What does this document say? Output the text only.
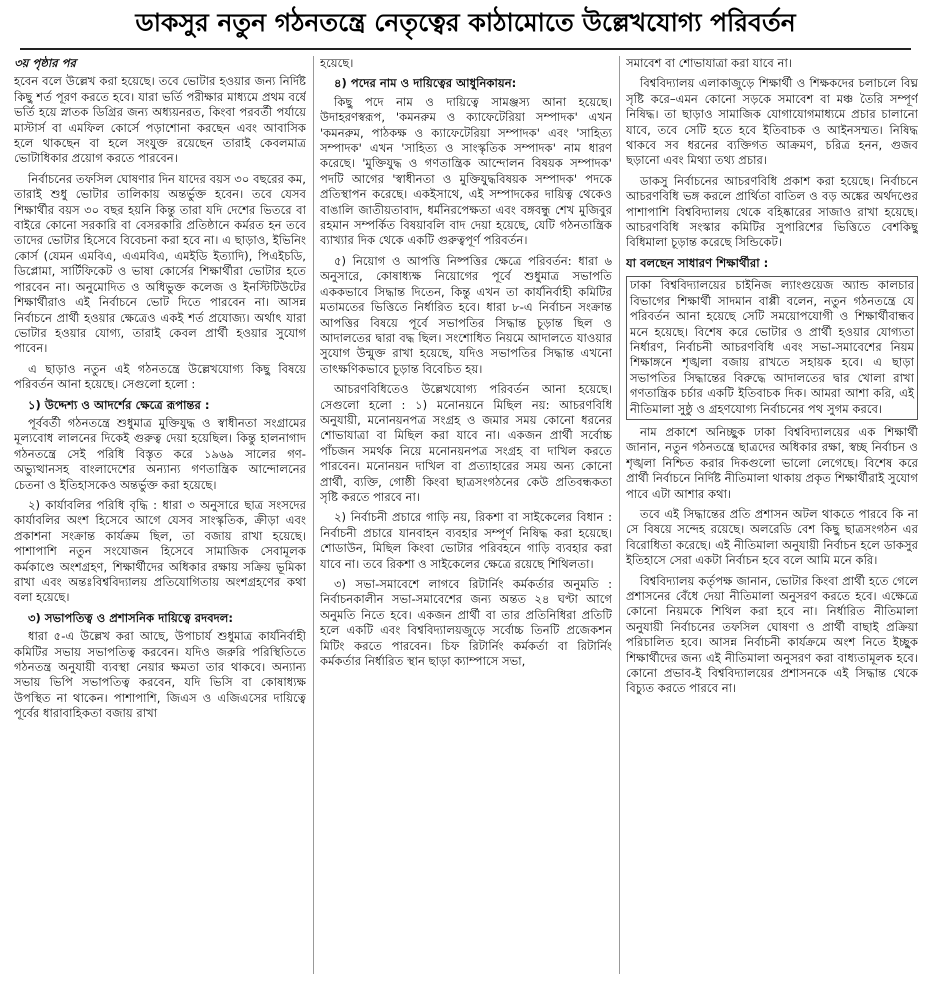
ডাকসুর নতুন গঠনতন্ত্রে নেতৃত্বের কাঠামোতে উল্লেখযোগ্য পরিবর্তন

৩য় পৃষ্ঠার পর

হবেন বলে উল্লেখ করা হয়েছে। তবে ভোটার হওয়ার জন্য নির্দিষ্ট কিছু শর্ত পূরণ করতে হবে। যারা ভর্তি পরীক্ষার মাধ্যমে প্রথম বর্ষে ভর্তি হয়ে স্নাতক ডিগ্রির জন্য অধ্যয়নরত, কিংবা পরবর্তী পর্যায়ে মাস্টার্স বা এমফিল কোর্সে পড়াশোনা করছেন এবং আবাসিক হলে থাকছেন বা হলে সংযুক্ত রয়েছেন তারাই কেবলমাত্র ভোটাধিকার প্রয়োগ করতে পারবেন।

নির্বাচনের তফসিল ঘোষণার দিন যাদের বয়স ৩০ বছরের কম, তারাই শুধু ভোটার তালিকায় অন্তর্ভুক্ত হবেন। তবে যেসব শিক্ষার্থীর বয়স ৩০ বছর হয়নি কিন্তু তারা যদি দেশের ভিতরে বা বাইরে কোনো সরকারি বা বেসরকারি প্রতিষ্ঠানে কর্মরত হন তবে তাদের ভোটার হিসেবে বিবেচনা করা হবে না। এ ছাড়াও, ইভিনিং কোর্স (যেমন এমবিএ, এএমবিএ, এমইডি ইত্যাদি), পিএইচডি, ডিপ্লোমা, সার্টিফিকেট ও ভাষা কোর্সের শিক্ষার্থীরা ভোটার হতে পারবেন না। অনুমোদিত ও অধিভুক্ত কলেজ ও ইনস্টিটিউটের শিক্ষার্থীরাও এই নির্বাচনে ভোট দিতে পারবেন না। আসন্ন নির্বাচনে প্রার্থী হওয়ার ক্ষেত্রেও একই শর্ত প্রযোজ্য। অর্থাৎ যারা ভোটার হওয়ার যোগ্য, তারাই কেবল প্রার্থী হওয়ার সুযোগ পাবেন।

এ ছাড়াও নতুন এই গঠনতন্ত্রে উল্লেখযোগ্য কিছু বিষয়ে পরিবর্তন আনা হয়েছে। সেগুলো হলো :

১) উদ্দেশ্য ও আদর্শের ক্ষেত্রে রূপান্তর :

পূর্ববর্তী গঠনতন্ত্রে শুধুমাত্র মুক্তিযুদ্ধ ও স্বাধীনতা সংগ্রামের মূল্যবোধ লালনের দিকেই গুরুত্ব দেয়া হয়েছিল। কিন্তু হালনাগাদ গঠনতন্ত্রে সেই পরিধি বিস্তৃত করে ১৯৬৯ সালের গণ-অভ্যুত্থানসহ বাংলাদেশের অন্যান্য গণতান্ত্রিক আন্দোলনের চেতনা ও ইতিহাসকেও অন্তর্ভুক্ত করা হয়েছে।

২) কার্যাবলির পরিধি বৃদ্ধি : ধারা ৩ অনুসারে ছাত্র সংসদের কার্যাবলির অংশ হিসেবে আগে যেসব সাংস্কৃতিক, ক্রীড়া এবং প্রকাশনা সংক্রান্ত কার্যক্রম ছিল, তা বজায় রাখা হয়েছে। পাশাপাশি নতুন সংযোজন হিসেবে সামাজিক সেবামূলক কর্মকাণ্ডে অংশগ্রহণ, শিক্ষার্থীদের অধিকার রক্ষায় সক্রিয় ভূমিকা রাখা এবং অন্তঃবিশ্ববিদ্যালয় প্রতিযোগিতায় অংশগ্রহণের কথা বলা হয়েছে।

৩) সভাপতিত্ব ও প্রশাসনিক দায়িত্বে রদবদল:

ধারা ৫-এ উল্লেখ করা আছে, উপাচার্য শুধুমাত্র কার্যনির্বাহী কমিটির সভায় সভাপতিত্ব করবেন। যদিও জরুরি পরিস্থিতিতে গঠনতন্ত্র অনুযায়ী ব্যবস্থা নেয়ার ক্ষমতা তার থাকবে। অন্যান্য সভায় ভিপি সভাপতিত্ব করবেন, যদি ভিসি বা কোষাধ্যক্ষ উপস্থিত না থাকেন। পাশাপাশি, জিএস ও এজিএসের দায়িত্বে পূর্বের ধারাবাহিকতা বজায় রাখা

হয়েছে।

৪) পদের নাম ও দায়িত্বের আধুনিকায়ন:

কিছু পদে নাম ও দায়িত্বে সামঞ্জস্য আনা হয়েছে। উদাহরণস্বরূপ, 'কমনরুম ও ক্যাফেটেরিয়া সম্পাদক' এখন 'কমনরুম, পাঠকক্ষ ও ক্যাফেটেরিয়া সম্পাদক' এবং 'সাহিত্য সম্পাদক' এখন 'সাহিত্য ও সাংস্কৃতিক সম্পাদক' নাম ধারণ করেছে। 'মুক্তিযুদ্ধ ও গণতান্ত্রিক আন্দোলন বিষয়ক সম্পাদক' পদটি আগের 'স্বাধীনতা ও মুক্তিযুদ্ধবিষয়ক সম্পাদক' পদকে প্রতিস্থাপন করেছে। একইসাথে, এই সম্পাদকের দায়িত্ব থেকেও বাঙালি জাতীয়তাবাদ, ধর্মনিরপেক্ষতা এবং বঙ্গবন্ধু শেখ মুজিবুর রহমান সম্পর্কিত বিষয়াবলি বাদ দেয়া হয়েছে, যেটি গঠনতান্ত্রিক ব্যাখ্যার দিক থেকে একটি গুরুত্বপূর্ণ পরিবর্তন।

৫) নিয়োগ ও আপত্তি নিষ্পত্তির ক্ষেত্রে পরিবর্তন: ধারা ৬ অনুসারে, কোষাধ্যক্ষ নিয়োগের পূর্বে শুধুমাত্র সভাপতি এককভাবে সিদ্ধান্ত দিতেন, কিন্তু এখন তা কার্যনির্বাহী কমিটির মতামতের ভিত্তিতে নির্ধারিত হবে। ধারা ৮-এ নির্বাচন সংক্রান্ত আপত্তির বিষয়ে পূর্বে সভাপতির সিদ্ধান্ত চূড়ান্ত ছিল ও আদালতের দ্বারা বদ্ধ ছিল। সংশোধিত নিয়মে আদালতে যাওয়ার সুযোগ উন্মুক্ত রাখা হয়েছে, যদিও সভাপতির সিদ্ধান্ত এখনো তাৎক্ষণিকভাবে চূড়ান্ত বিবেচিত হয়।

আচরণবিধিতেও উল্লেখযোগ্য পরিবর্তন আনা হয়েছে। সেগুলো হলো : ১) মনোনয়নে মিছিল নয়: আচরণবিধি অনুযায়ী, মনোনয়নপত্র সংগ্রহ ও জমার সময় কোনো ধরনের শোভাযাত্রা বা মিছিল করা যাবে না। একজন প্রার্থী সর্বোচ্চ পাঁচজন সমর্থক নিয়ে মনোনয়নপত্র সংগ্রহ বা দাখিল করতে পারবেন। মনোনয়ন দাখিল বা প্রত্যাহারের সময় অন্য কোনো প্রার্থী, ব্যক্তি, গোষ্ঠী কিংবা ছাত্রসংগঠনের কেউ প্রতিবন্ধকতা সৃষ্টি করতে পারবে না।

২) নির্বাচনী প্রচারে গাড়ি নয়, রিকশা বা সাইকেলের বিধান : নির্বাচনী প্রচারে যানবাহন ব্যবহার সম্পূর্ণ নিষিদ্ধ করা হয়েছে। শোডাউন, মিছিল কিংবা ভোটার পরিবহনে গাড়ি ব্যবহার করা যাবে না। তবে রিকশা ও সাইকেলের ক্ষেত্রে রয়েছে শিথিলতা।

৩) সভা-সমাবেশে লাগবে রিটার্নিং কর্মকর্তার অনুমতি : নির্বাচনকালীন সভা-সমাবেশের জন্য অন্তত ২৪ ঘণ্টা আগে অনুমতি নিতে হবে। একজন প্রার্থী বা তার প্রতিনিধিরা প্রতিটি হলে একটি এবং বিশ্ববিদ্যালয়জুড়ে সর্বোচ্চ তিনটি প্রজেকশন মিটিং করতে পারবেন। চিফ রিটার্নিং কর্মকর্তা বা রিটার্নিং কর্মকর্তার নির্ধারিত স্থান ছাড়া ক্যাম্পাসে সভা,

সমাবেশ বা শোভাযাত্রা করা যাবে না।

বিশ্ববিদ্যালয় এলাকাজুড়ে শিক্ষার্থী ও শিক্ষকদের চলাচলে বিঘ্ন সৃষ্টি করে–এমন কোনো সড়কে সমাবেশ বা মঞ্চ তৈরি সম্পূর্ণ নিষিদ্ধ। তা ছাড়াও সামাজিক যোগাযোগমাধ্যমে প্রচার চালানো যাবে, তবে সেটি হতে হবে ইতিবাচক ও আইনসম্মত। নিষিদ্ধ থাকবে সব ধরনের ব্যক্তিগত আক্রমণ, চরিত্র হনন, গুজব ছড়ানো এবং মিথ্যা তথ্য প্রচার।

ডাকসু নির্বাচনের আচরণবিধি প্রকাশ করা হয়েছে। নির্বাচনে আচরণবিধি ভঙ্গ করলে প্রার্থিতা বাতিল ও বড় অঙ্কের অর্থদণ্ডের পাশাপাশি বিশ্ববিদ্যালয় থেকে বহিষ্কারের সাজাও রাখা হয়েছে। আচরণবিধি সংস্কার কমিটির সুপারিশের ভিত্তিতে বেশকিছু বিধিমালা চূড়ান্ত করেছে সিন্ডিকেট।

যা বলছেন সাধারণ শিক্ষার্থীরা :

ঢাকা বিশ্ববিদ্যালয়ের চাইনিজ ল্যাংগুয়েজ অ্যান্ড কালচার বিভাগের শিক্ষার্থী সাদমান বাপ্পী বলেন, নতুন গঠনতন্ত্রে যে পরিবর্তন আনা হয়েছে সেটি সময়োপযোগী ও শিক্ষার্থীবান্ধব মনে হয়েছে। বিশেষ করে ভোটার ও প্রার্থী হওয়ার যোগ্যতা নির্ধারণ, নির্বাচনী আচরণবিধি এবং সভা-সমাবেশের নিয়ম শিক্ষাঙ্গনে শৃঙ্খলা বজায় রাখতে সহায়ক হবে। এ ছাড়া সভাপতির সিদ্ধান্তের বিরুদ্ধে আদালতের দ্বার খোলা রাখা গণতান্ত্রিক চর্চার একটি ইতিবাচক দিক। আমরা আশা করি, এই নীতিমালা সুষ্ঠু ও গ্রহণযোগ্য নির্বাচনের পথ সুগম করবে।

নাম প্রকাশে অনিচ্ছুক ঢাকা বিশ্ববিদ্যালয়ের এক শিক্ষার্থী জানান, নতুন গঠনতন্ত্রে ছাত্রদের অধিকার রক্ষা, স্বচ্ছ নির্বাচন ও শৃঙ্খলা নিশ্চিত করার দিকগুলো ভালো লেগেছে। বিশেষ করে প্রার্থী নির্বাচনে নির্দিষ্ট নীতিমালা থাকায় প্রকৃত শিক্ষার্থীরাই সুযোগ পাবে এটা আশার কথা।

তবে এই সিদ্ধান্তের প্রতি প্রশাসন অটল থাকতে পারবে কি না সে বিষয়ে সন্দেহ রয়েছে। অলরেডি বেশ কিছু ছাত্রসংগঠন এর বিরোধিতা করেছে। এই নীতিমালা অনুযায়ী নির্বাচন হলে ডাকসুর ইতিহাসে সেরা একটা নির্বাচন হবে বলে আমি মনে করি।

বিশ্ববিদ্যালয় কর্তৃপক্ষ জানান, ভোটার কিংবা প্রার্থী হতে গেলে প্রশাসনের বেঁধে দেয়া নীতিমালা অনুসরণ করতে হবে। এক্ষেত্রে কোনো নিয়মকে শিথিল করা হবে না। নির্ধারিত নীতিমালা অনুযায়ী নির্বাচনের তফসিল ঘোষণা ও প্রার্থী বাছাই প্রক্রিয়া পরিচালিত হবে। আসন্ন নির্বাচনী কার্যক্রমে অংশ নিতে ইচ্ছুক শিক্ষার্থীদের জন্য এই নীতিমালা অনুসরণ করা বাধ্যতামূলক হবে। কোনো প্রভাব-ই বিশ্ববিদ্যালয়ের প্রশাসনকে এই সিদ্ধান্ত থেকে বিচ্যুত করতে পারবে না।
